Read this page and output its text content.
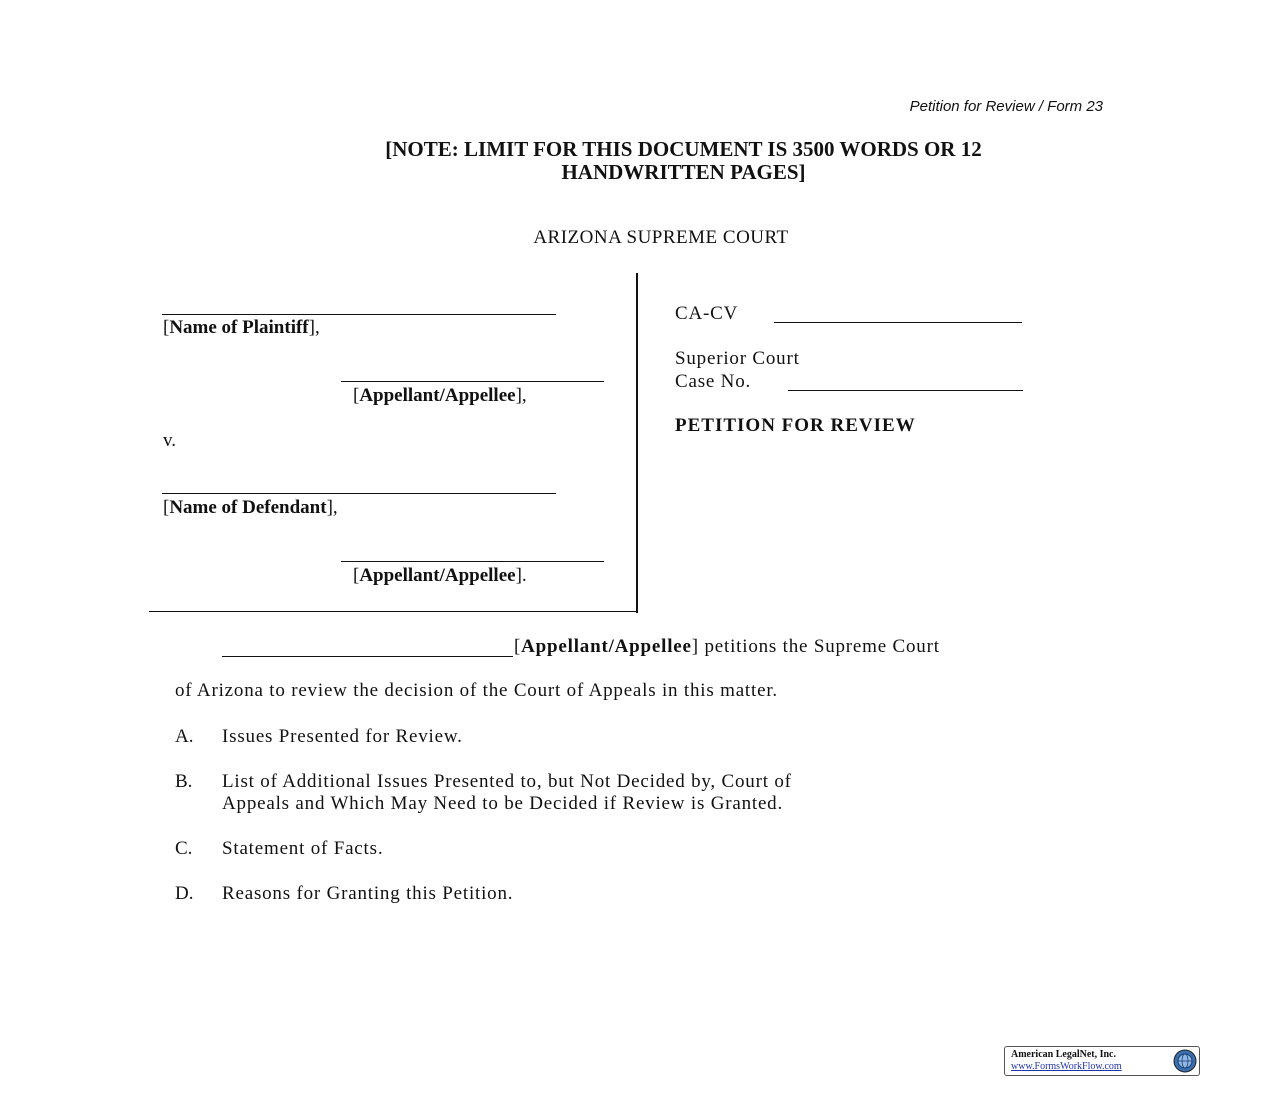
Petition for Review / Form 23
[NOTE: LIMIT FOR THIS DOCUMENT IS 3500 WORDS OR 12
HANDWRITTEN PAGES]
ARIZONA SUPREME COURT
[Name of Plaintiff],
[Appellant/Appellee],
v.
[Name of Defendant],
[Appellant/Appellee].
CA-CV
Superior Court
Case No.
PETITION FOR REVIEW
[Appellant/Appellee] petitions the Supreme Court
of Arizona to review the decision of the Court of Appeals in this matter.
A. Issues Presented for Review.
B. List of Additional Issues Presented to, but Not Decided by, Court of
Appeals and Which May Need to be Decided if Review is Granted.
C. Statement of Facts.
D. Reasons for Granting this Petition.
American LegalNet, Inc.
www.FormsWorkFlow.com
